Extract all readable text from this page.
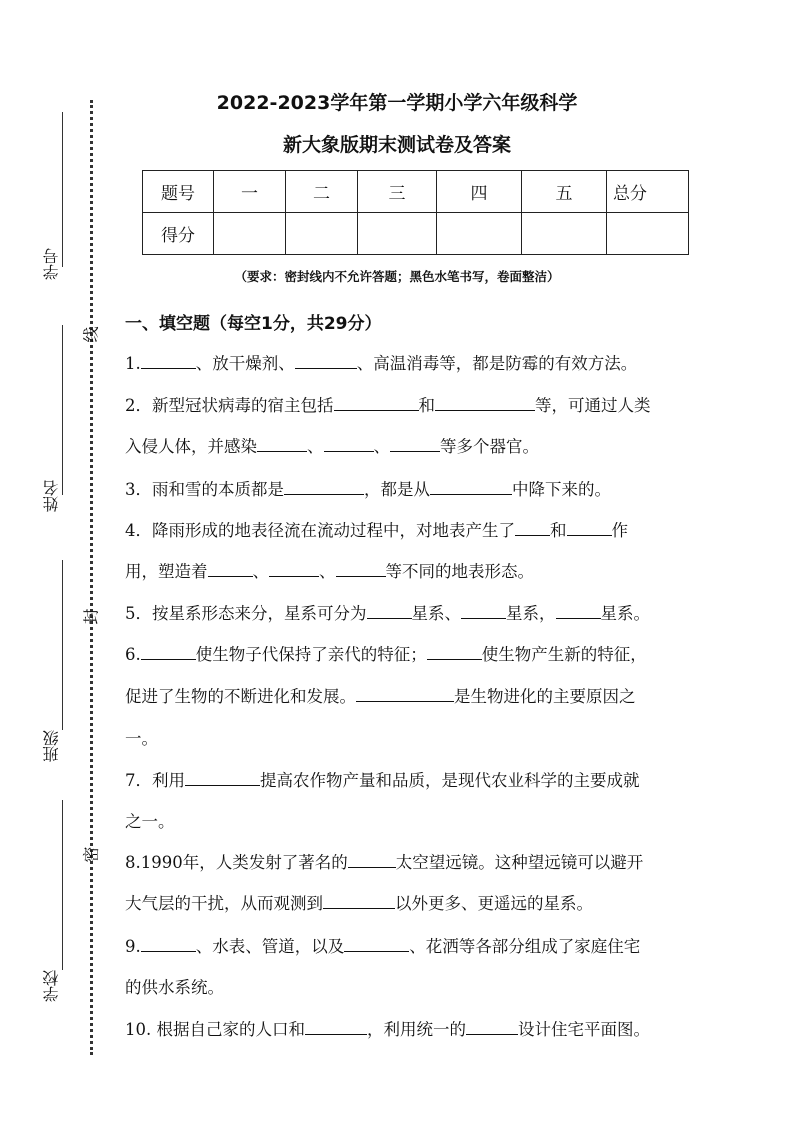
学号
姓名
班级
学校
线
封
密
2022-2023学年第一学期小学六年级科学
新大象版期末测试卷及答案
题号	一	二	三	四	五	总分
得分						
（要求：密封线内不允许答题；黑色水笔书写，卷面整洁）
一、填空题（每空1分，共29分）
1.	、放干燥剂、	、高温消毒等，都是防霉的有效方法。
2．新型冠状病毒的宿主包括	和	等，可通过人类
入侵人体，并感染	、	、	等多个器官。
3．雨和雪的本质都是	，都是从	中降下来的。
4．降雨形成的地表径流在流动过程中，对地表产生了 和	作
用，塑造着	、	、	等不同的地表形态。
5．按星系形态来分，星系可分为	星系、	星系，	星系。
6.	使生物子代保持了亲代的特征；	使生物产生新的特征，
促进了生物的不断进化和发展。	是生物进化的主要原因之
一。
7．利用	提高农作物产量和品质，是现代农业科学的主要成就
之一。
8.1990年，人类发射了著名的	太空望远镜。这种望远镜可以避开
大气层的干扰，从而观测到	以外更多、更遥远的星系。
9.	、水表、管道，以及	、花洒等各部分组成了家庭住宅
的供水系统。
10. 根据自己家的人口和	，利用统一的	设计住宅平面图。
